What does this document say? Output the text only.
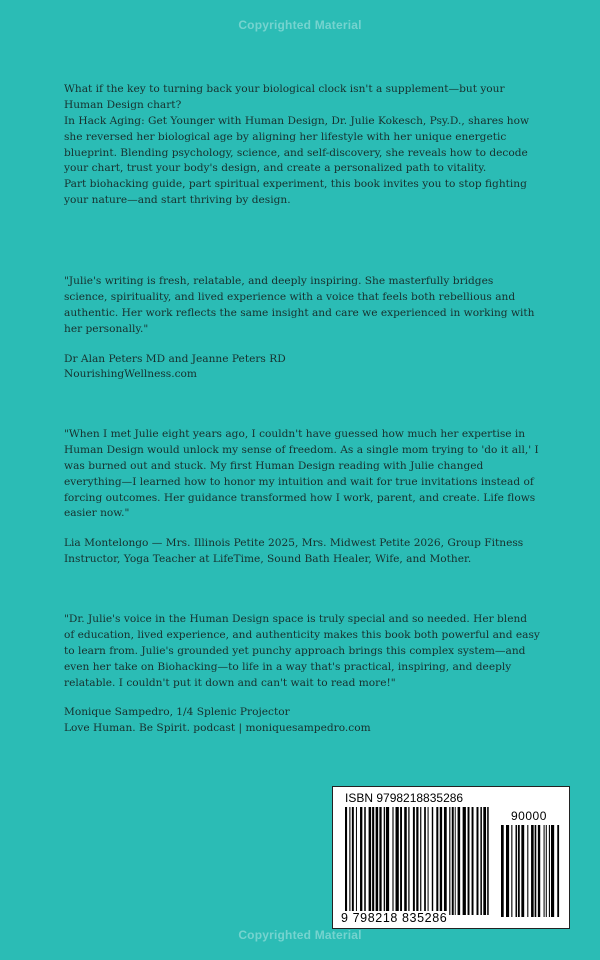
Copyrighted Material

What if the key to turning back your biological clock isn't a supplement—but your Human Design chart?

In Hack Aging: Get Younger with Human Design, Dr. Julie Kokesch, Psy.D., shares how she reversed her biological age by aligning her lifestyle with her unique energetic blueprint. Blending psychology, science, and self-discovery, she reveals how to decode your chart, trust your body's design, and create a personalized path to vitality.

Part biohacking guide, part spiritual experiment, this book invites you to stop fighting your nature—and start thriving by design.

"Julie's writing is fresh, relatable, and deeply inspiring. She masterfully bridges science, spirituality, and lived experience with a voice that feels both rebellious and authentic. Her work reflects the same insight and care we experienced in working with her personally."

Dr Alan Peters MD and Jeanne Peters RD

NourishingWellness.com

"When I met Julie eight years ago, I couldn't have guessed how much her expertise in Human Design would unlock my sense of freedom. As a single mom trying to 'do it all,' I was burned out and stuck. My first Human Design reading with Julie changed everything—I learned how to honor my intuition and wait for true invitations instead of forcing outcomes. Her guidance transformed how I work, parent, and create. Life flows easier now."

Lia Montelongo — Mrs. Illinois Petite 2025, Mrs. Midwest Petite 2026, Group Fitness Instructor, Yoga Teacher at LifeTime, Sound Bath Healer, Wife, and Mother.

"Dr. Julie's voice in the Human Design space is truly special and so needed. Her blend of education, lived experience, and authenticity makes this book both powerful and easy to learn from. Julie's grounded yet punchy approach brings this complex system—and even her take on Biohacking—to life in a way that's practical, inspiring, and deeply relatable. I couldn't put it down and can't wait to read more!"

Monique Sampedro, 1/4 Splenic Projector

Love Human. Be Spirit. podcast | moniquesampedro.com

ISBN 9798218835286
90000
9 798218 835286
Copyrighted Material
